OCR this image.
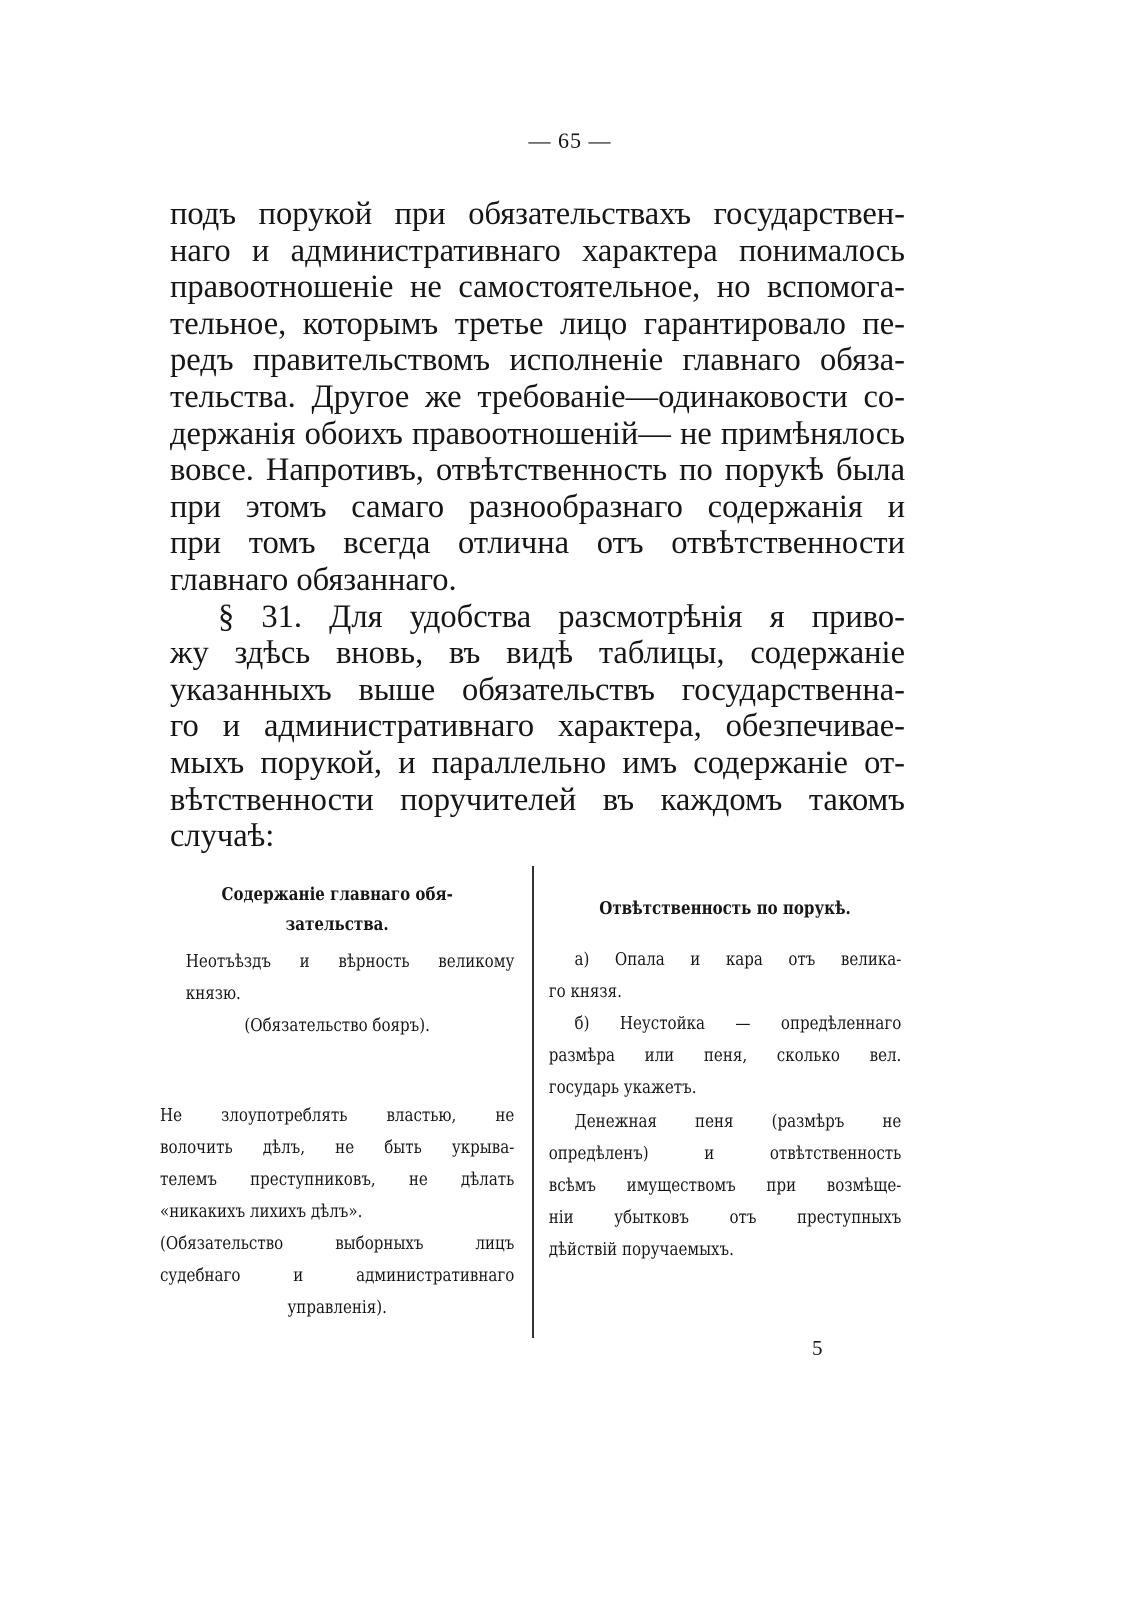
— 65 —
подъ порукой при обязательствахъ государствен-
наго и административнаго характера понималось
правоотношеніе не самостоятельное, но вспомога-
тельное, которымъ третье лицо гарантировало пе-
редъ правительствомъ исполненіе главнаго обяза-
тельства. Другое же требованіе—одинаковости со-
держанія обоихъ правоотношеній— не примѣнялось
вовсе. Напротивъ, отвѣтственность по порукѣ была
при этомъ самаго разнообразнаго содержанія и
при томъ всегда отлична отъ отвѣтственности
главнаго обязаннаго.
§ 31. Для удобства разсмотрѣнія я приво-
жу здѣсь вновь, въ видѣ таблицы, содержаніе
указанныхъ выше обязательствъ государственна-
го и административнаго характера, обезпечивае-
мыхъ порукой, и параллельно имъ содержаніе от-
вѣтственности поручителей въ каждомъ такомъ
случаѣ:
Содержаніе главнаго обя-
зательства.
Неотъѣздъ и вѣрность великому
князю.
(Обязательство бояръ).
Не злоупотреблять властью, не
волочить дѣлъ, не быть укрыва-
телемъ преступниковъ, не дѣлать
«никакихъ лихихъ дѣлъ».
(Обязательство выборныхъ лицъ
судебнаго и административнаго
управленія).
Отвѣтственность по порукѣ.
а) Опала и кара отъ велика-
го князя.
б) Неустойка — опредѣленнаго
размѣра или пеня, сколько вел.
государь укажетъ.
Денежная пеня (размѣръ не
опредѣленъ) и отвѣтственность
всѣмъ имуществомъ при возмѣще-
ніи убытковъ отъ преступныхъ
дѣйствій поручаемыхъ.
5
